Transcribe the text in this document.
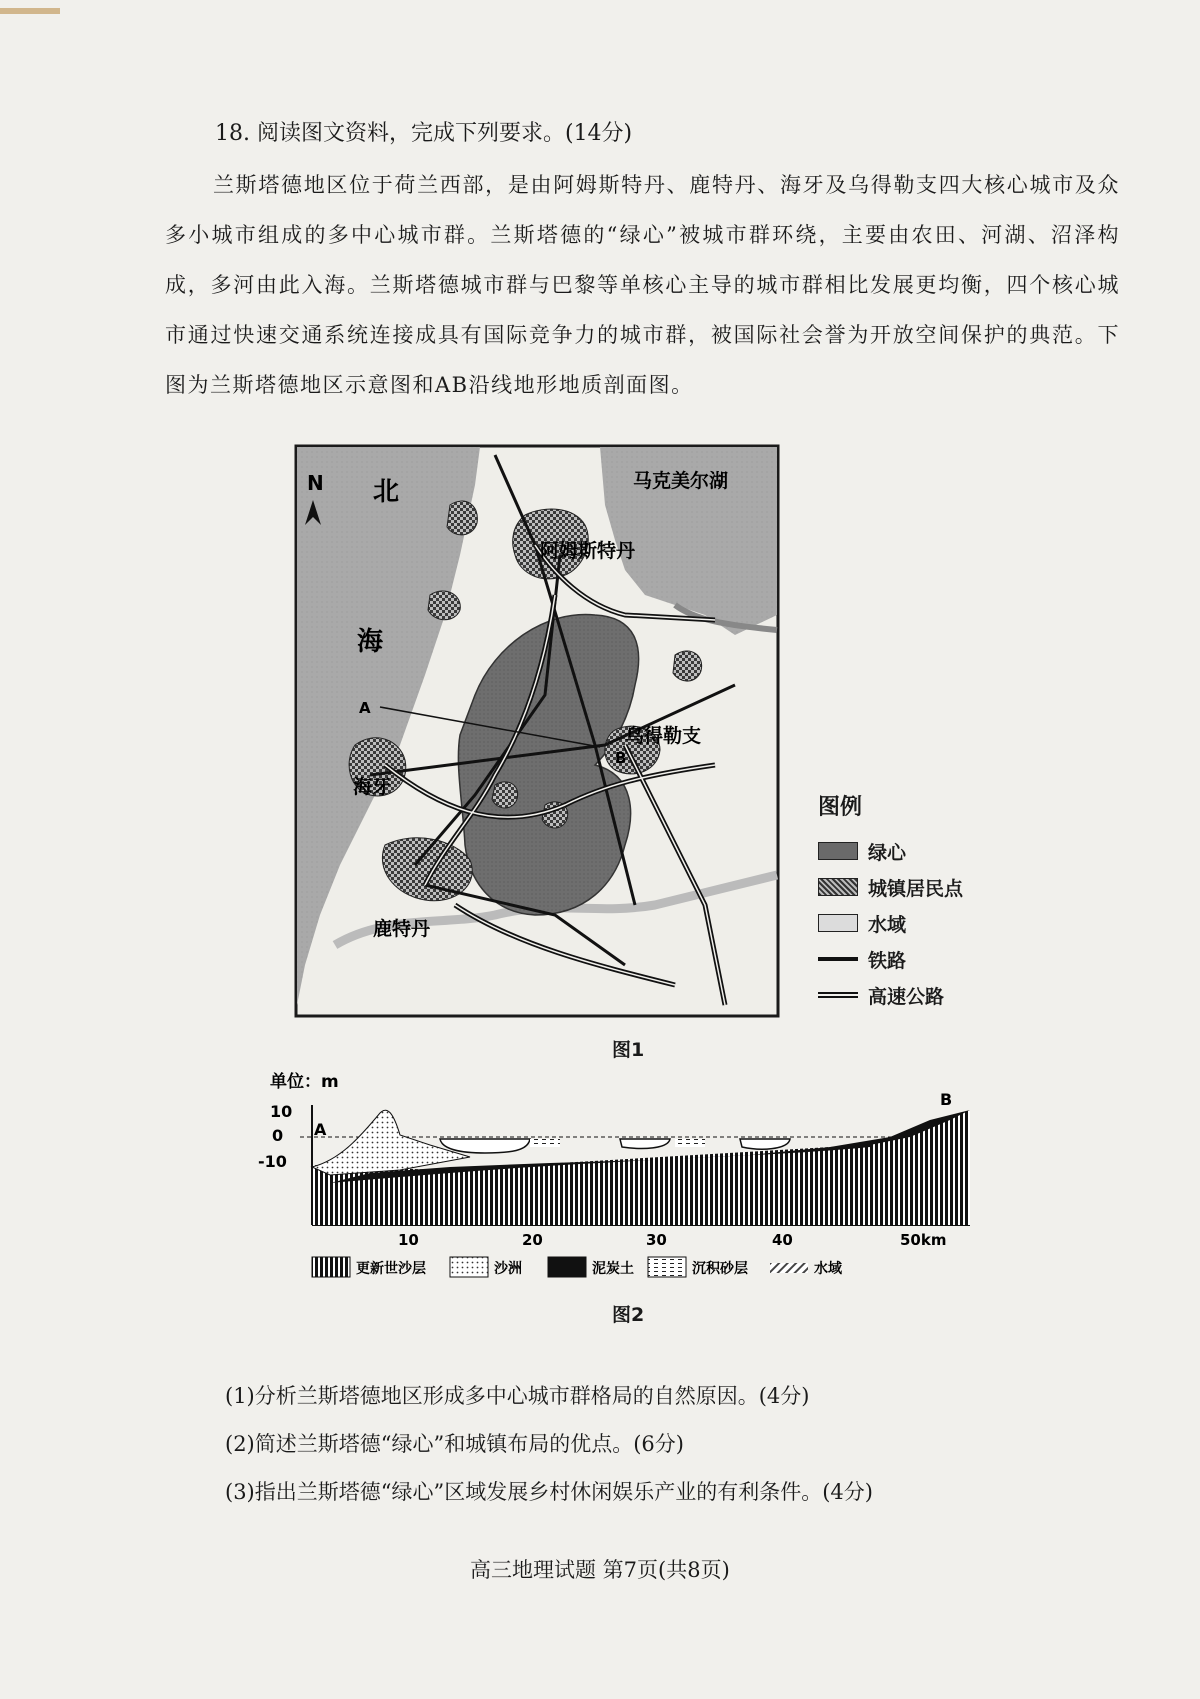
18. 阅读图文资料，完成下列要求。(14分)

兰斯塔德地区位于荷兰西部，是由阿姆斯特丹、鹿特丹、海牙及乌得勒支四大核心城市及众多小城市组成的多中心城市群。兰斯塔德的“绿心”被城市群环绕，主要由农田、河湖、沼泽构成，多河由此入海。兰斯塔德城市群与巴黎等单核心主导的城市群相比发展更均衡，四个核心城市通过快速交通系统连接成具有国际竞争力的城市群，被国际社会誉为开放空间保护的典范。下图为兰斯塔德地区示意图和AB沿线地形地质剖面图。

N 北
海
马克美尔湖
阿姆斯特丹
乌得勒支
海牙
鹿特丹
A
B
图例
绿心
城镇居民点
水域
铁路
高速公路
图1
单位：m
10
0
-10
A
B
10	20	30	40	50km
更新世沙层	沙洲	泥炭土	沉积砂层	水域
图2
(1)分析兰斯塔德地区形成多中心城市群格局的自然原因。(4分)
(2)简述兰斯塔德“绿心”和城镇布局的优点。(6分)
(3)指出兰斯塔德“绿心”区域发展乡村休闲娱乐产业的有利条件。(4分)
高三地理试题 第7页(共8页)
